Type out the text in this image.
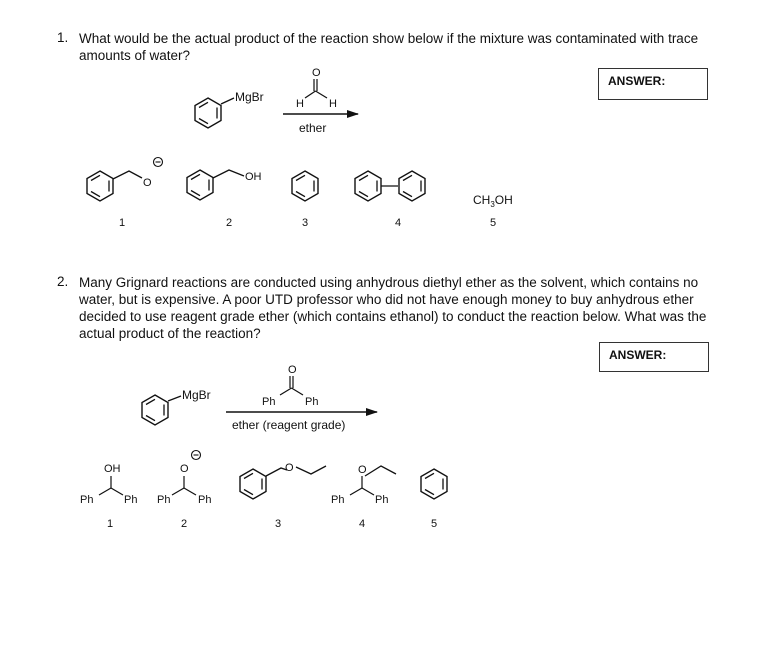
1. What would be the actual product of the reaction show below if the mixture was contaminated with trace
amounts of water?
ANSWER:
2. Many Grignard reactions are conducted using anhydrous diethyl ether as the solvent, which contains no
water, but is expensive. A poor UTD professor who did not have enough money to buy anhydrous ether
decided to use reagent grade ether (which contains ethanol) to conduct the reaction below. What was the
actual product of the reaction?
ANSWER:
MgBr
O
H H
ether
O
1
OH
2	3	4
$CH_3OH$
5
MgBr
O
Ph	Ph
ether (reagent grade)
OH
Ph	Ph
1
O
Ph	Ph
2
O
3
O
Ph	Ph
4	5
